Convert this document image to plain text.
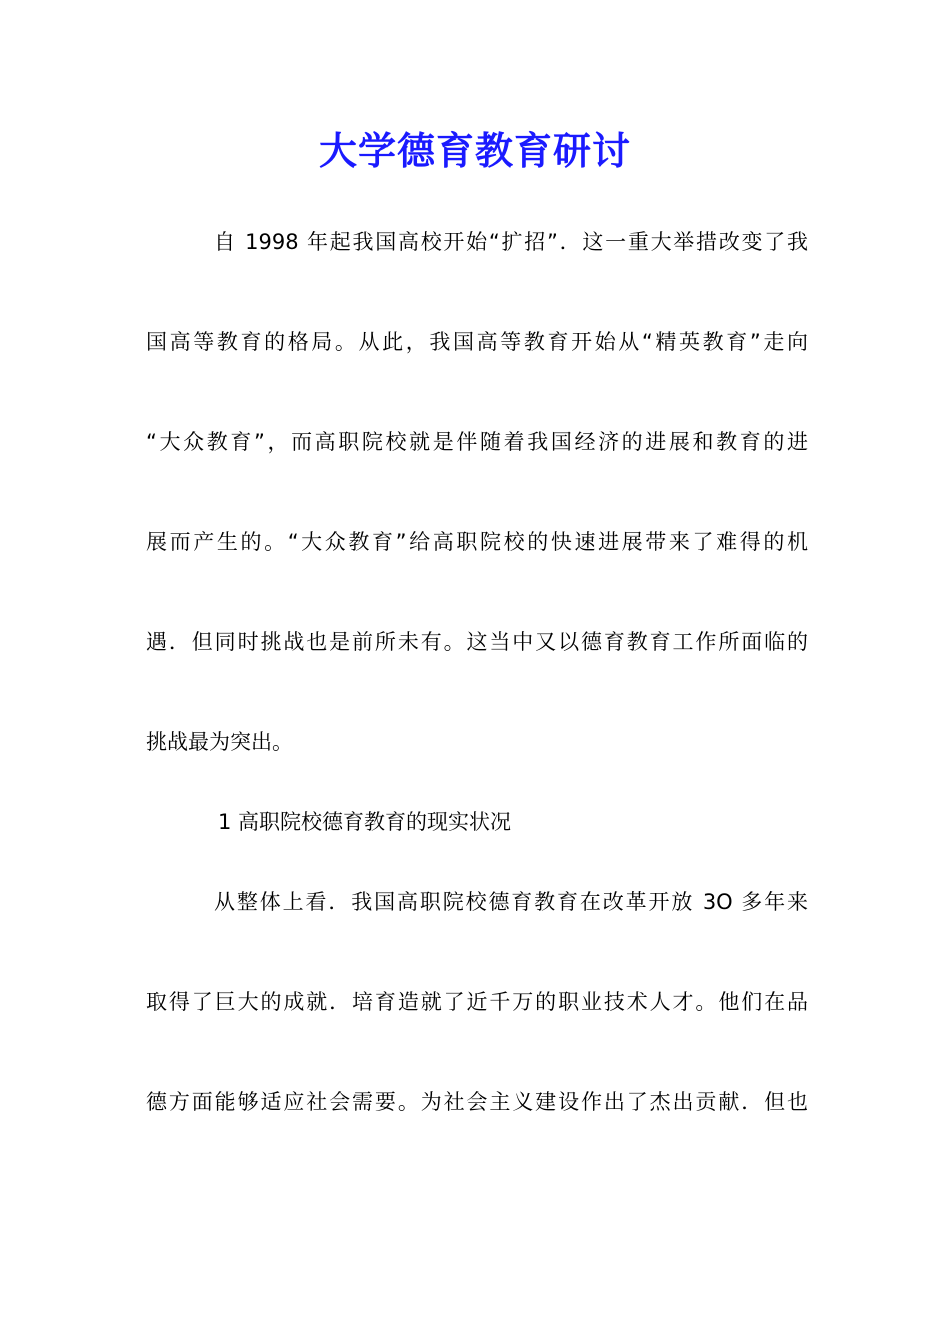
大学德育教育研讨
自 1998 年起我国高校开始“扩招”．这一重大举措改变了我
国高等教育的格局。从此，我国高等教育开始从“精英教育”走向
“大众教育”，而高职院校就是伴随着我国经济的进展和教育的进
展而产生的。“大众教育”给高职院校的快速进展带来了难得的机
遇．但同时挑战也是前所未有。这当中又以德育教育工作所面临的
挑战最为突出。
1 高职院校德育教育的现实状况
从整体上看．我国高职院校德育教育在改革开放 3O 多年来
取得了巨大的成就．培育造就了近千万的职业技术人才。他们在品
德方面能够适应社会需要。为社会主义建设作出了杰出贡献．但也
